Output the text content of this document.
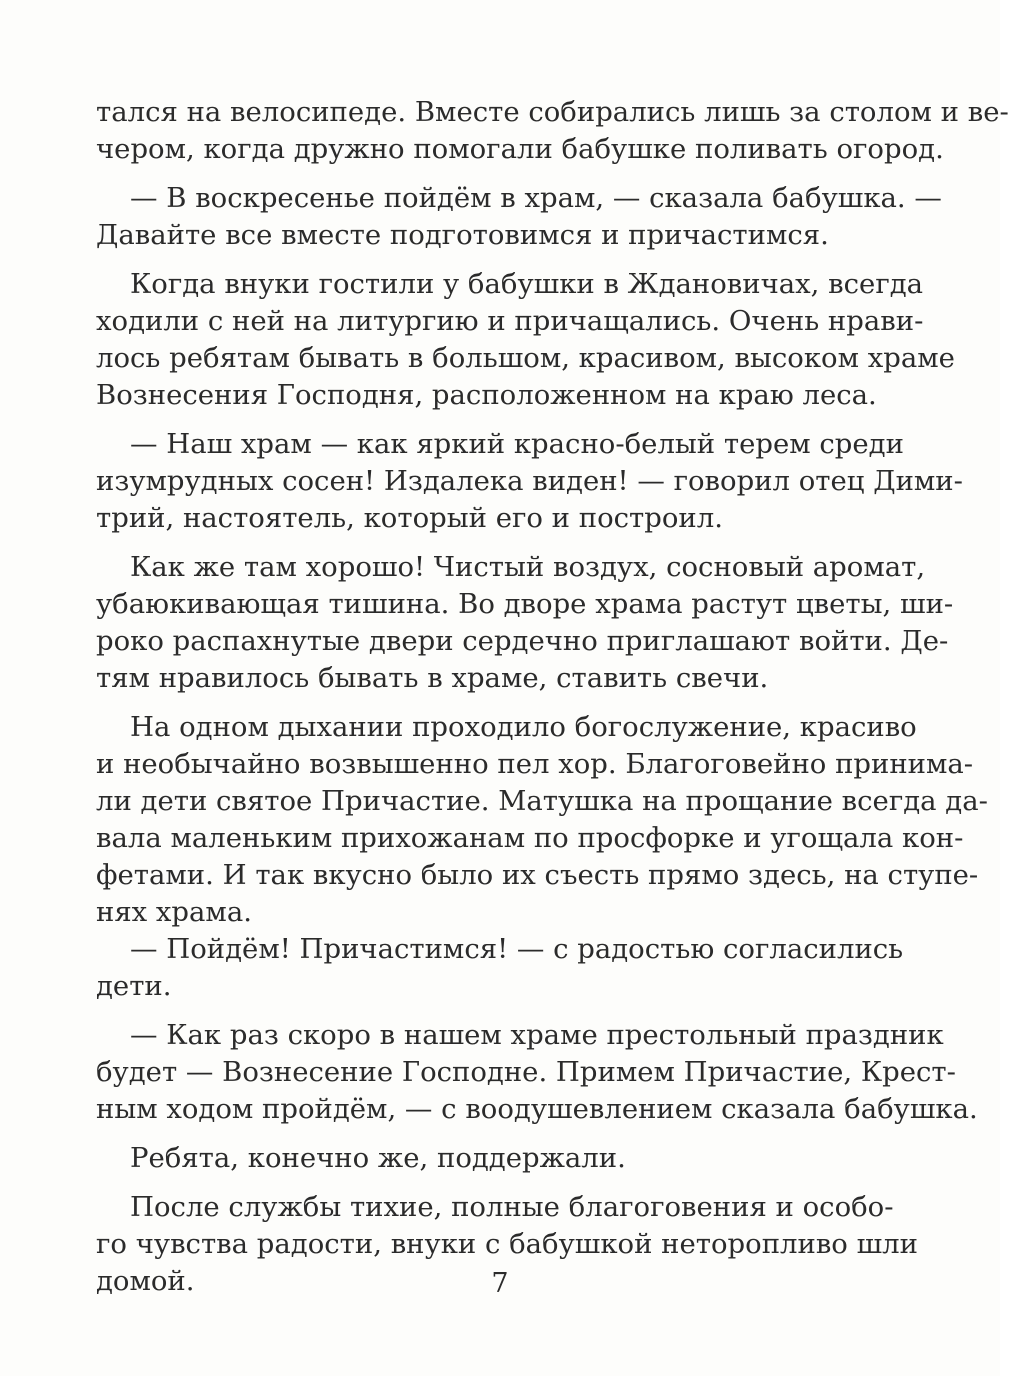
тался на велосипеде. Вместе собирались лишь за столом и ве-
чером, когда дружно помогали бабушке поливать огород.
— В воскресенье пойдём в храм, — сказала бабушка. —
Давайте все вместе подготовимся и причастимся.
Когда внуки гостили у бабушки в Ждановичах, всегда
ходили с ней на литургию и причащались. Очень нрави-
лось ребятам бывать в большом, красивом, высоком храме
Вознесения Господня, расположенном на краю леса.
— Наш храм — как яркий красно-белый терем среди
изумрудных сосен! Издалека виден! — говорил отец Дими-
трий, настоятель, который его и построил.
Как же там хорошо! Чистый воздух, сосновый аромат,
убаюкивающая тишина. Во дворе храма растут цветы, ши-
роко распахнутые двери сердечно приглашают войти. Де-
тям нравилось бывать в храме, ставить свечи.
На одном дыхании проходило богослужение, красиво
и необычайно возвышенно пел хор. Благоговейно принима-
ли дети святое Причастие. Матушка на прощание всегда да-
вала маленьким прихожанам по просфорке и угощала кон-
фетами. И так вкусно было их съесть прямо здесь, на ступе-
нях храма.
— Пойдём! Причастимся! — с радостью согласились
дети.
— Как раз скоро в нашем храме престольный праздник
будет — Вознесение Господне. Примем Причастие, Крест-
ным ходом пройдём, — с воодушевлением сказала бабушка.
Ребята, конечно же, поддержали.
После службы тихие, полные благоговения и особо-
го чувства радости, внуки с бабушкой неторопливо шли
домой.	7
